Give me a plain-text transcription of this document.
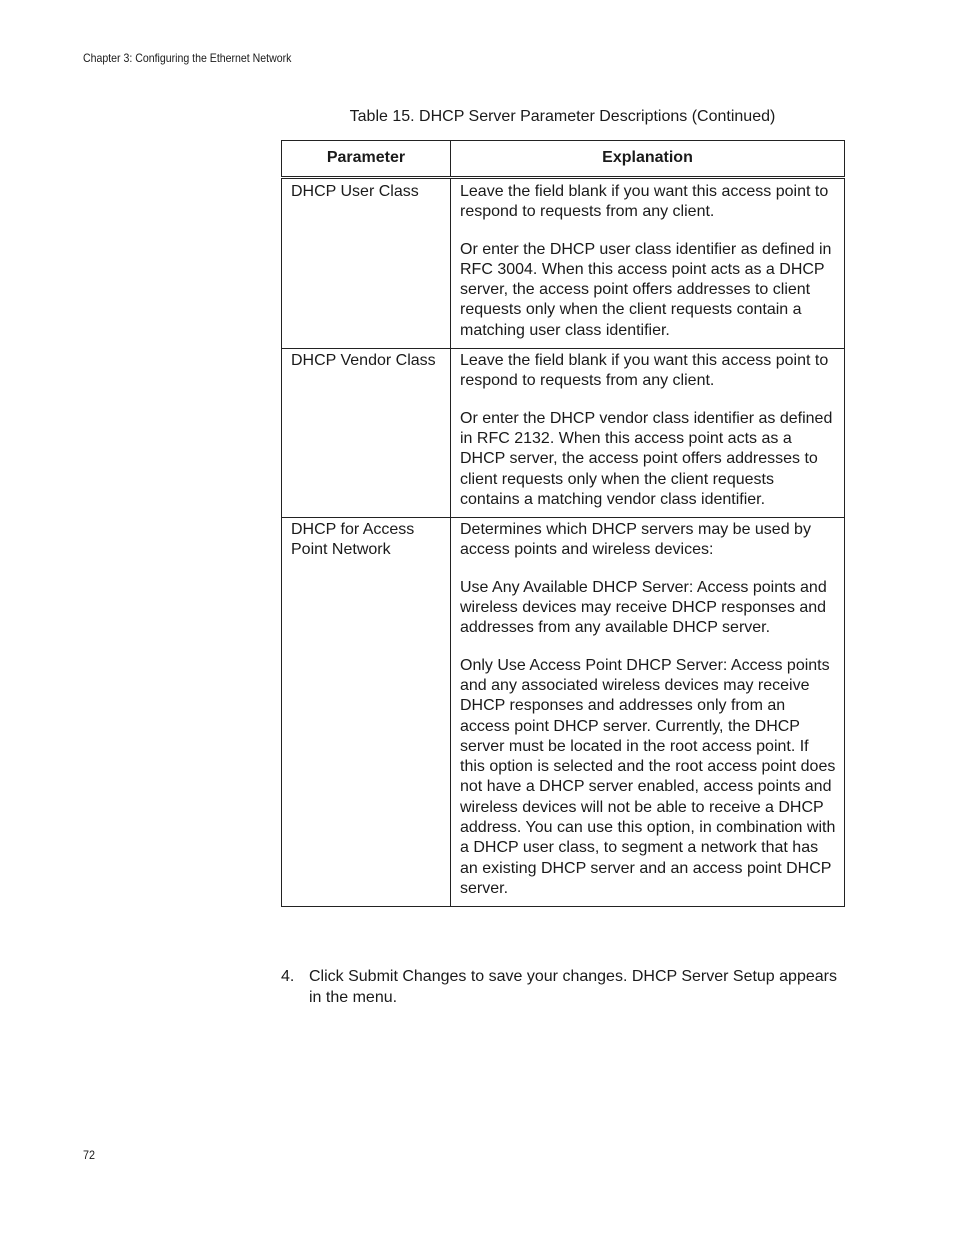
Chapter 3: Configuring the Ethernet Network
Table 15. DHCP Server Parameter Descriptions (Continued)
Parameter	Explanation
DHCP User Class	Leave the field blank if you want this access point to respond to requests from any client.

Or enter the DHCP user class identifier as defined in RFC 3004. When this access point acts as a DHCP server, the access point offers addresses to client requests only when the client requests contain a matching user class identifier.

DHCP Vendor Class	Leave the field blank if you want this access point to respond to requests from any client.

Or enter the DHCP vendor class identifier as defined in RFC 2132. When this access point acts as a DHCP server, the access point offers addresses to client requests only when the client requests contains a matching vendor class identifier.

DHCP for Access Point Network	Determines which DHCP servers may be used by access points and wireless devices:

Use Any Available DHCP Server: Access points and wireless devices may receive DHCP responses and addresses from any available DHCP server.

Only Use Access Point DHCP Server: Access points and any associated wireless devices may receive DHCP responses and addresses only from an access point DHCP server. Currently, the DHCP server must be located in the root access point. If this option is selected and the root access point does not have a DHCP server enabled, access points and wireless devices will not be able to receive a DHCP address. You can use this option, in combination with a DHCP user class, to segment a network that has an existing DHCP server and an access point DHCP server.

4. Click Submit Changes to save your changes. DHCP Server Setup appears in the menu.
72
